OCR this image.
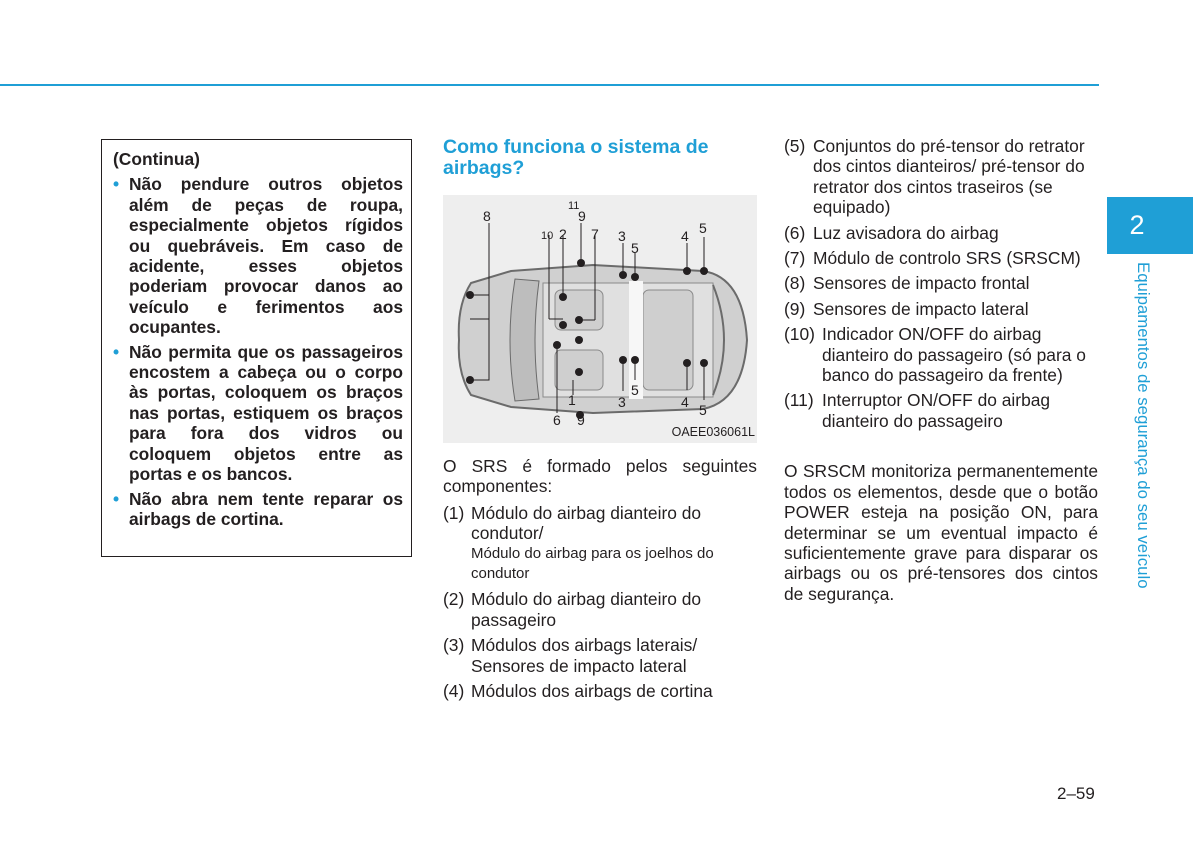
(Continua)
• Não pendure outros objetos além de peças de roupa, especialmente objetos rígidos ou quebráveis. Em caso de acidente, esses objetos poderiam provocar danos ao veículo e ferimentos aos ocupantes.
• Não permita que os passageiros encostem a cabeça ou o corpo às portas, coloquem os braços nas portas, estiquem os braços para fora dos vidros ou coloquem objetos entre as portas e os bancos.
• Não abra nem tente reparar os airbags de cortina.
Como funciona o sistema de airbags?
8
11
9
10 2 7 3
5
4 5
6
1
9
3
5
4 5
OAEE036061L

O SRS é formado pelos seguintes componentes:

(1) Módulo do airbag dianteiro do condutor/
Módulo do airbag para os joelhos do condutor
(2) Módulo do airbag dianteiro do passageiro
(3) Módulos dos airbags laterais/ Sensores de impacto lateral
(4) Módulos dos airbags de cortina
(5) Conjuntos do pré-tensor do retrator dos cintos dianteiros/ pré-tensor do retrator dos cintos traseiros (se equipado)
(6) Luz avisadora do airbag
(7) Módulo de controlo SRS (SRSCM)
(8) Sensores de impacto frontal
(9) Sensores de impacto lateral
(10) Indicador ON/OFF do airbag dianteiro do passageiro (só para o banco do passageiro da frente)
(11) Interruptor ON/OFF do airbag dianteiro do passageiro

O SRSCM monitoriza permanentemente todos os elementos, desde que o botão POWER esteja na posição ON, para determinar se um eventual impacto é suficientemente grave para disparar os airbags ou os pré-tensores dos cintos de segurança.

2
Equipamentos de segurança do seu veículo
2–59
